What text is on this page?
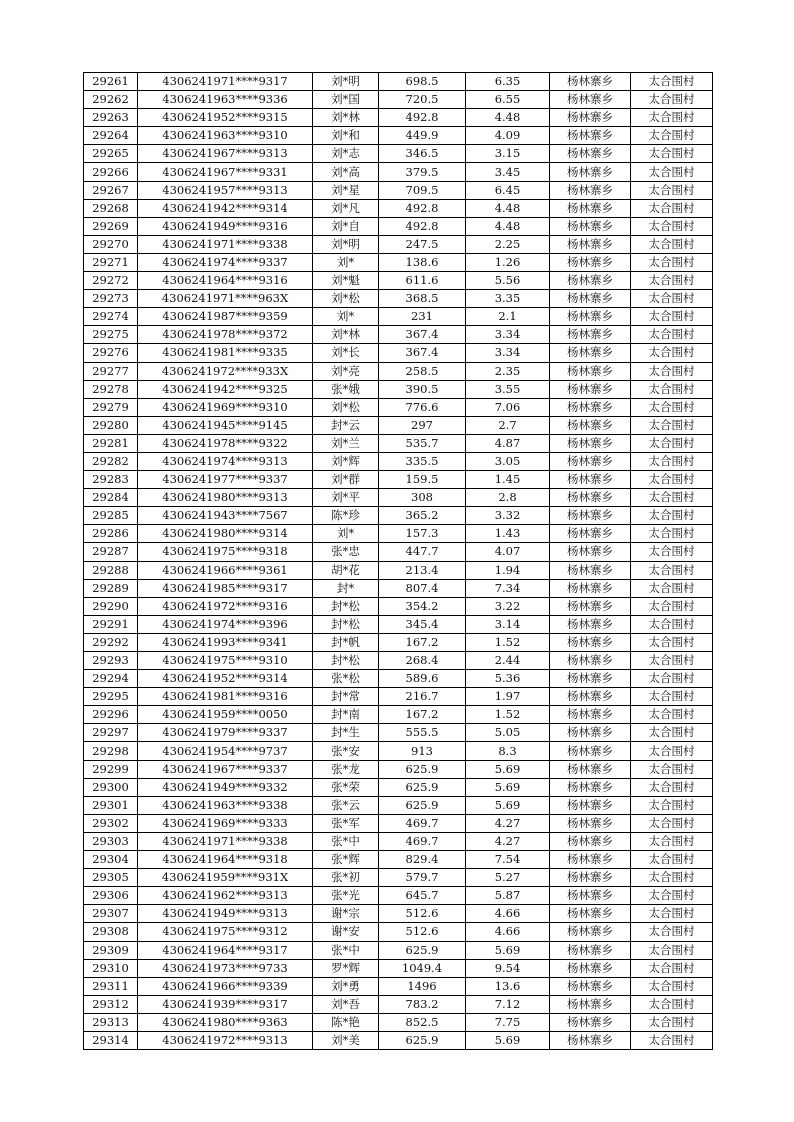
29261	4306241971****9317	刘*明	698.5	6.35	杨林寨乡	太合围村
29262	4306241963****9336	刘*国	720.5	6.55	杨林寨乡	太合围村
29263	4306241952****9315	刘*林	492.8	4.48	杨林寨乡	太合围村
29264	4306241963****9310	刘*和	449.9	4.09	杨林寨乡	太合围村
29265	4306241967****9313	刘*志	346.5	3.15	杨林寨乡	太合围村
29266	4306241967****9331	刘*高	379.5	3.45	杨林寨乡	太合围村
29267	4306241957****9313	刘*星	709.5	6.45	杨林寨乡	太合围村
29268	4306241942****9314	刘*凡	492.8	4.48	杨林寨乡	太合围村
29269	4306241949****9316	刘*自	492.8	4.48	杨林寨乡	太合围村
29270	4306241971****9338	刘*明	247.5	2.25	杨林寨乡	太合围村
29271	4306241974****9337	刘*	138.6	1.26	杨林寨乡	太合围村
29272	4306241964****9316	刘*魁	611.6	5.56	杨林寨乡	太合围村
29273	4306241971****963X	刘*松	368.5	3.35	杨林寨乡	太合围村
29274	4306241987****9359	刘*	231	2.1	杨林寨乡	太合围村
29275	4306241978****9372	刘*林	367.4	3.34	杨林寨乡	太合围村
29276	4306241981****9335	刘*长	367.4	3.34	杨林寨乡	太合围村
29277	4306241972****933X	刘*亮	258.5	2.35	杨林寨乡	太合围村
29278	4306241942****9325	张*娥	390.5	3.55	杨林寨乡	太合围村
29279	4306241969****9310	刘*松	776.6	7.06	杨林寨乡	太合围村
29280	4306241945****9145	封*云	297	2.7	杨林寨乡	太合围村
29281	4306241978****9322	刘*兰	535.7	4.87	杨林寨乡	太合围村
29282	4306241974****9313	刘*辉	335.5	3.05	杨林寨乡	太合围村
29283	4306241977****9337	刘*群	159.5	1.45	杨林寨乡	太合围村
29284	4306241980****9313	刘*平	308	2.8	杨林寨乡	太合围村
29285	4306241943****7567	陈*珍	365.2	3.32	杨林寨乡	太合围村
29286	4306241980****9314	刘*	157.3	1.43	杨林寨乡	太合围村
29287	4306241975****9318	张*忠	447.7	4.07	杨林寨乡	太合围村
29288	4306241966****9361	胡*花	213.4	1.94	杨林寨乡	太合围村
29289	4306241985****9317	封*	807.4	7.34	杨林寨乡	太合围村
29290	4306241972****9316	封*松	354.2	3.22	杨林寨乡	太合围村
29291	4306241974****9396	封*松	345.4	3.14	杨林寨乡	太合围村
29292	4306241993****9341	封*帆	167.2	1.52	杨林寨乡	太合围村
29293	4306241975****9310	封*松	268.4	2.44	杨林寨乡	太合围村
29294	4306241952****9314	张*松	589.6	5.36	杨林寨乡	太合围村
29295	4306241981****9316	封*常	216.7	1.97	杨林寨乡	太合围村
29296	4306241959****0050	封*南	167.2	1.52	杨林寨乡	太合围村
29297	4306241979****9337	封*生	555.5	5.05	杨林寨乡	太合围村
29298	4306241954****9737	张*安	913	8.3	杨林寨乡	太合围村
29299	4306241967****9337	张*龙	625.9	5.69	杨林寨乡	太合围村
29300	4306241949****9332	张*荣	625.9	5.69	杨林寨乡	太合围村
29301	4306241963****9338	张*云	625.9	5.69	杨林寨乡	太合围村
29302	4306241969****9333	张*军	469.7	4.27	杨林寨乡	太合围村
29303	4306241971****9338	张*中	469.7	4.27	杨林寨乡	太合围村
29304	4306241964****9318	张*辉	829.4	7.54	杨林寨乡	太合围村
29305	4306241959****931X	张*初	579.7	5.27	杨林寨乡	太合围村
29306	4306241962****9313	张*光	645.7	5.87	杨林寨乡	太合围村
29307	4306241949****9313	谢*宗	512.6	4.66	杨林寨乡	太合围村
29308	4306241975****9312	谢*安	512.6	4.66	杨林寨乡	太合围村
29309	4306241964****9317	张*中	625.9	5.69	杨林寨乡	太合围村
29310	4306241973****9733	罗*辉	1049.4	9.54	杨林寨乡	太合围村
29311	4306241966****9339	刘*勇	1496	13.6	杨林寨乡	太合围村
29312	4306241939****9317	刘*吾	783.2	7.12	杨林寨乡	太合围村
29313	4306241980****9363	陈*艳	852.5	7.75	杨林寨乡	太合围村
29314	4306241972****9313	刘*美	625.9	5.69	杨林寨乡	太合围村
